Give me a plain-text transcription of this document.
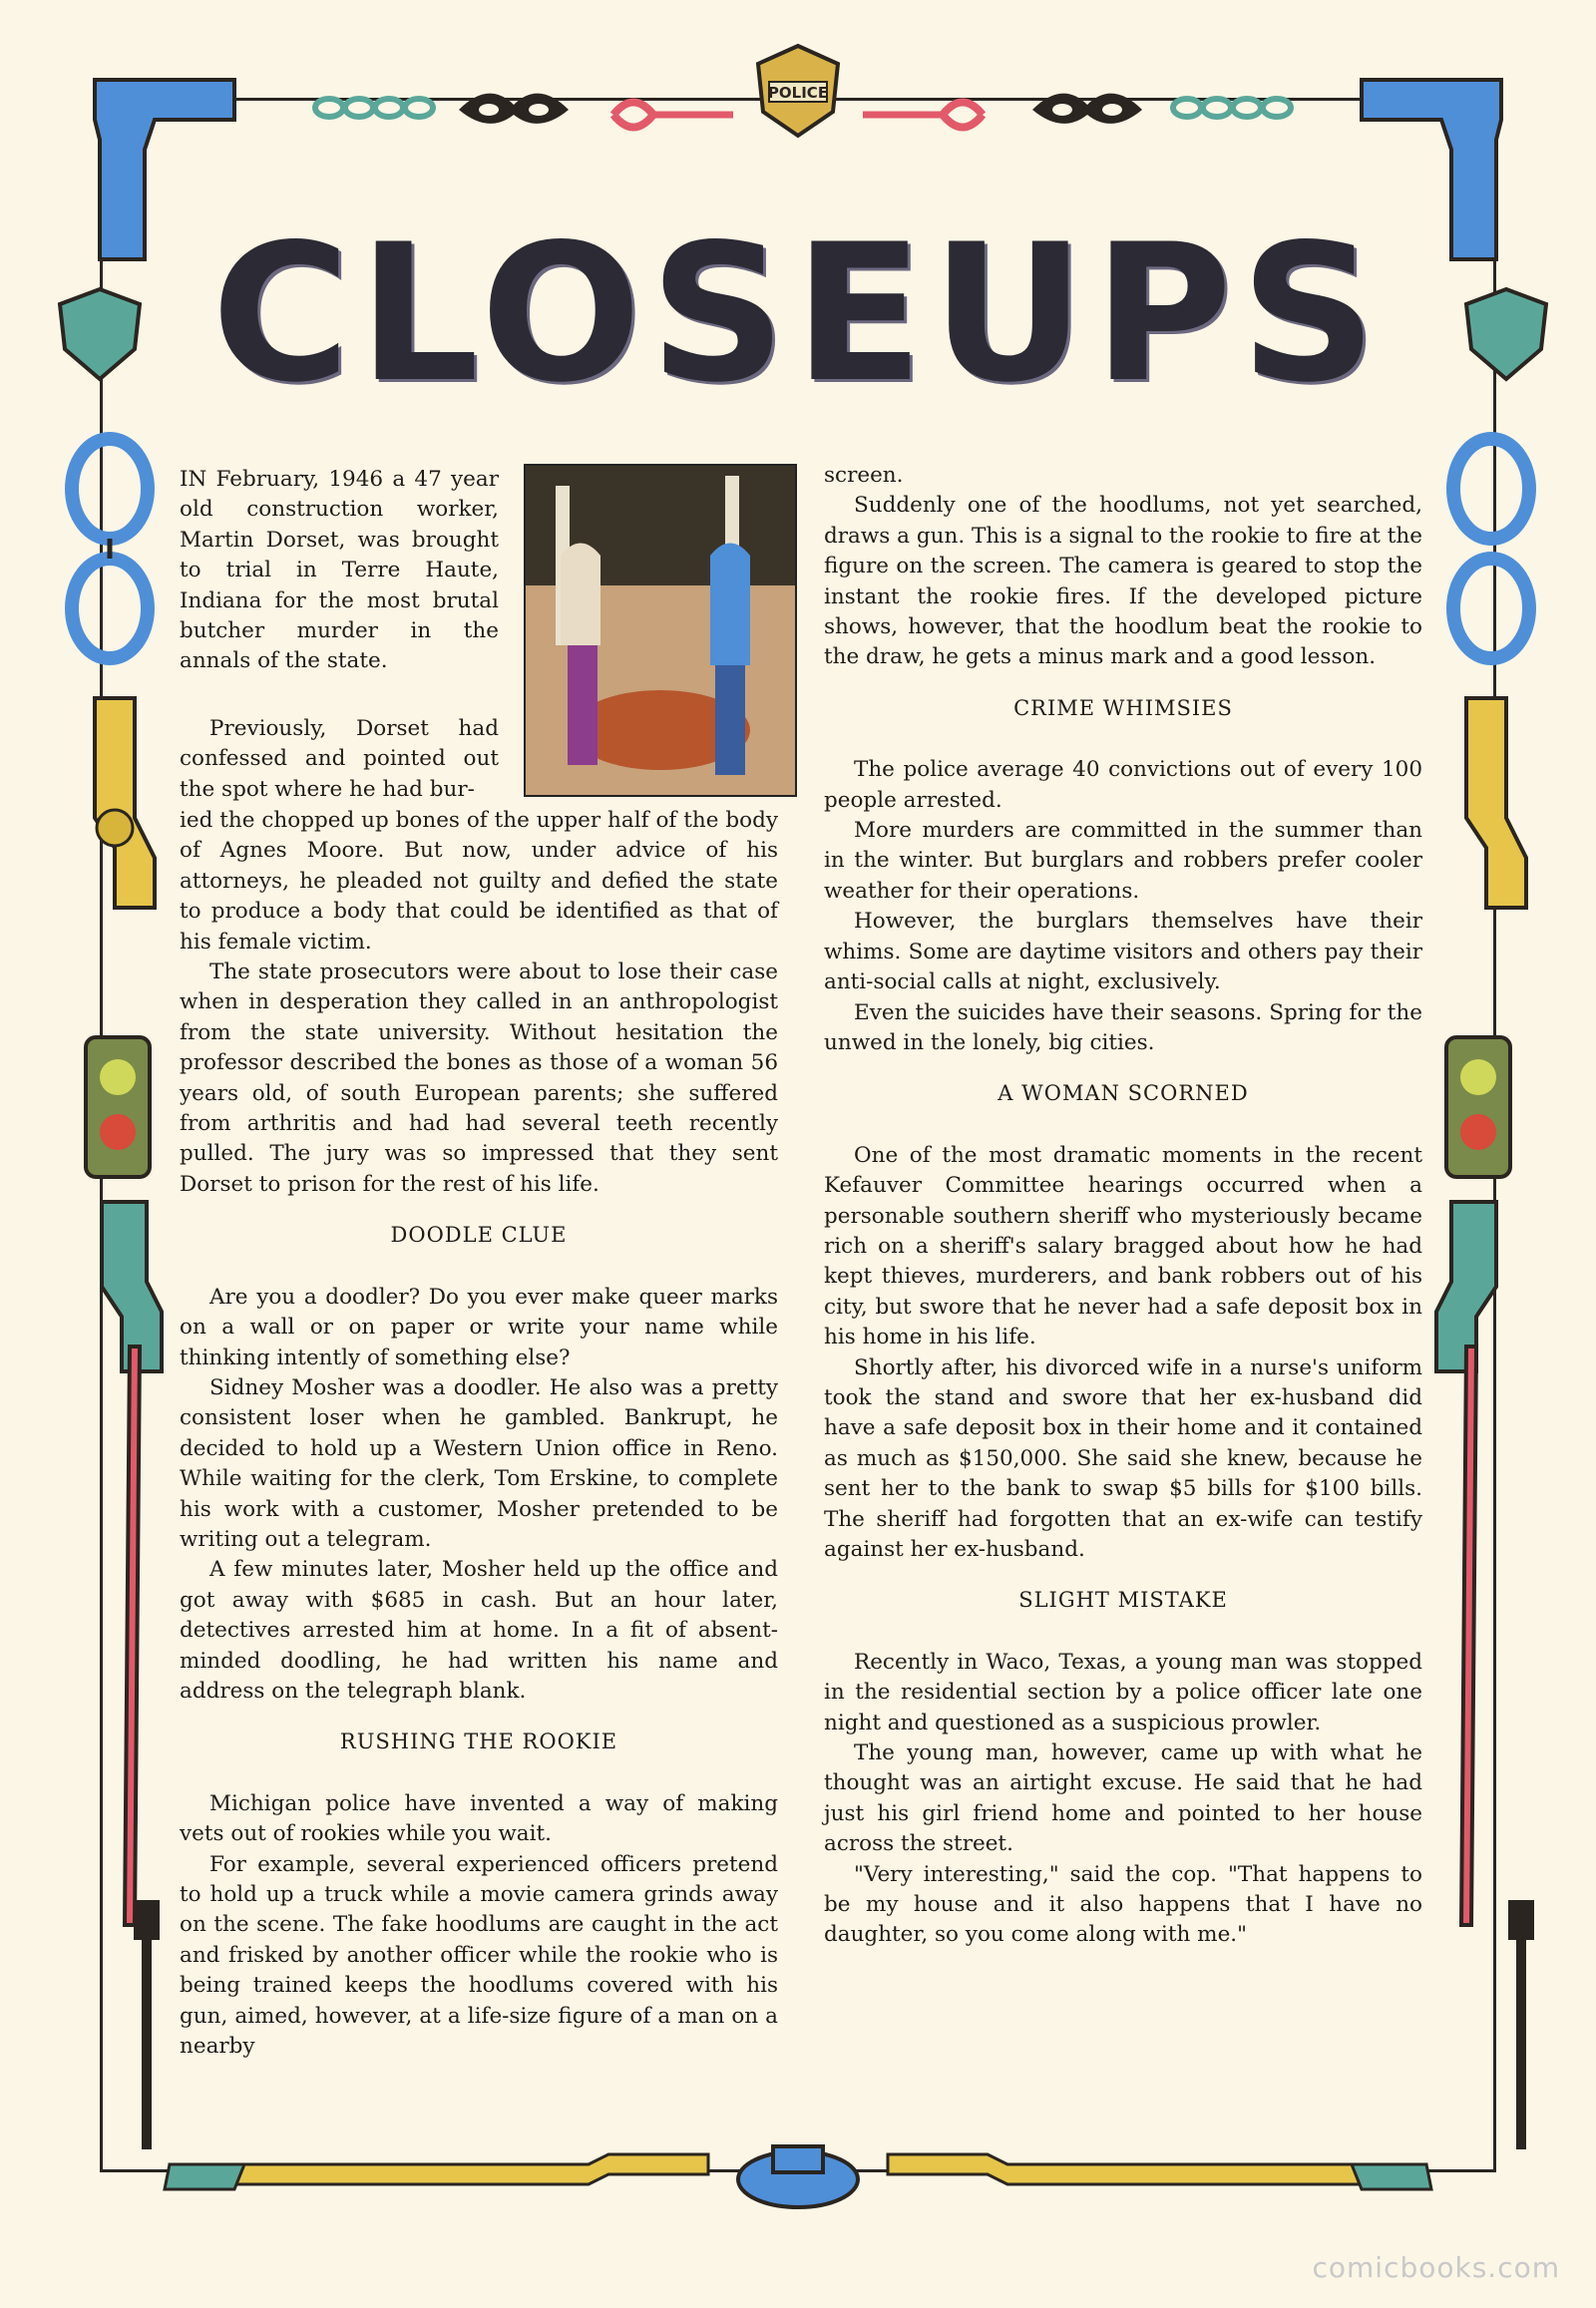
POLICE
CLOSEUPS

IN February, 1946 a 47 year old construction worker, Martin Dorset, was brought to trial in Terre Haute, Indiana for the most brutal butcher murder in the annals of the state.

Previously, Dorset had confessed and pointed out the spot where he had bur-

ied the chopped up bones of the upper half of the body of Agnes Moore. But now, under advice of his attorneys, he pleaded not guilty and defied the state to produce a body that could be identified as that of his female victim.

The state prosecutors were about to lose their case when in desperation they called in an anthropologist from the state university. Without hesitation the professor described the bones as those of a woman 56 years old, of south European parents; she suffered from arthritis and had had several teeth recently pulled. The jury was so impressed that they sent Dorset to prison for the rest of his life.

DOODLE CLUE

Are you a doodler? Do you ever make queer marks on a wall or on paper or write your name while thinking intently of something else?

Sidney Mosher was a doodler. He also was a pretty consistent loser when he gambled. Bankrupt, he decided to hold up a Western Union office in Reno. While waiting for the clerk, Tom Erskine, to complete his work with a customer, Mosher pretended to be writing out a telegram.

A few minutes later, Mosher held up the office and got away with $685 in cash. But an hour later, detectives arrested him at home. In a fit of absent-minded doodling, he had written his name and address on the telegraph blank.

RUSHING THE ROOKIE

Michigan police have invented a way of making vets out of rookies while you wait.

For example, several experienced officers pretend to hold up a truck while a movie camera grinds away on the scene. The fake hoodlums are caught in the act and frisked by another officer while the rookie who is being trained keeps the hoodlums covered with his gun, aimed, however, at a life-size figure of a man on a nearby

screen.

Suddenly one of the hoodlums, not yet searched, draws a gun. This is a signal to the rookie to fire at the figure on the screen. The camera is geared to stop the instant the rookie fires. If the developed picture shows, however, that the hoodlum beat the rookie to the draw, he gets a minus mark and a good lesson.

CRIME WHIMSIES

The police average 40 convictions out of every 100 people arrested.

More murders are committed in the summer than in the winter. But burglars and robbers prefer cooler weather for their operations.

However, the burglars themselves have their whims. Some are daytime visitors and others pay their anti-social calls at night, exclusively.

Even the suicides have their seasons. Spring for the unwed in the lonely, big cities.

A WOMAN SCORNED

One of the most dramatic moments in the recent Kefauver Committee hearings occurred when a personable southern sheriff who mysteriously became rich on a sheriff's salary bragged about how he had kept thieves, murderers, and bank robbers out of his city, but swore that he never had a safe deposit box in his home in his life.

Shortly after, his divorced wife in a nurse's uniform took the stand and swore that her ex-husband did have a safe deposit box in their home and it contained as much as $150,000. She said she knew, because he sent her to the bank to swap $5 bills for $100 bills. The sheriff had forgotten that an ex-wife can testify against her ex-husband.

SLIGHT MISTAKE

Recently in Waco, Texas, a young man was stopped in the residential section by a police officer late one night and questioned as a suspicious prowler.

The young man, however, came up with what he thought was an airtight excuse. He said that he had just his girl friend home and pointed to her house across the street.

"Very interesting," said the cop. "That happens to be my house and it also happens that I have no daughter, so you come along with me."

comicbooks.com
